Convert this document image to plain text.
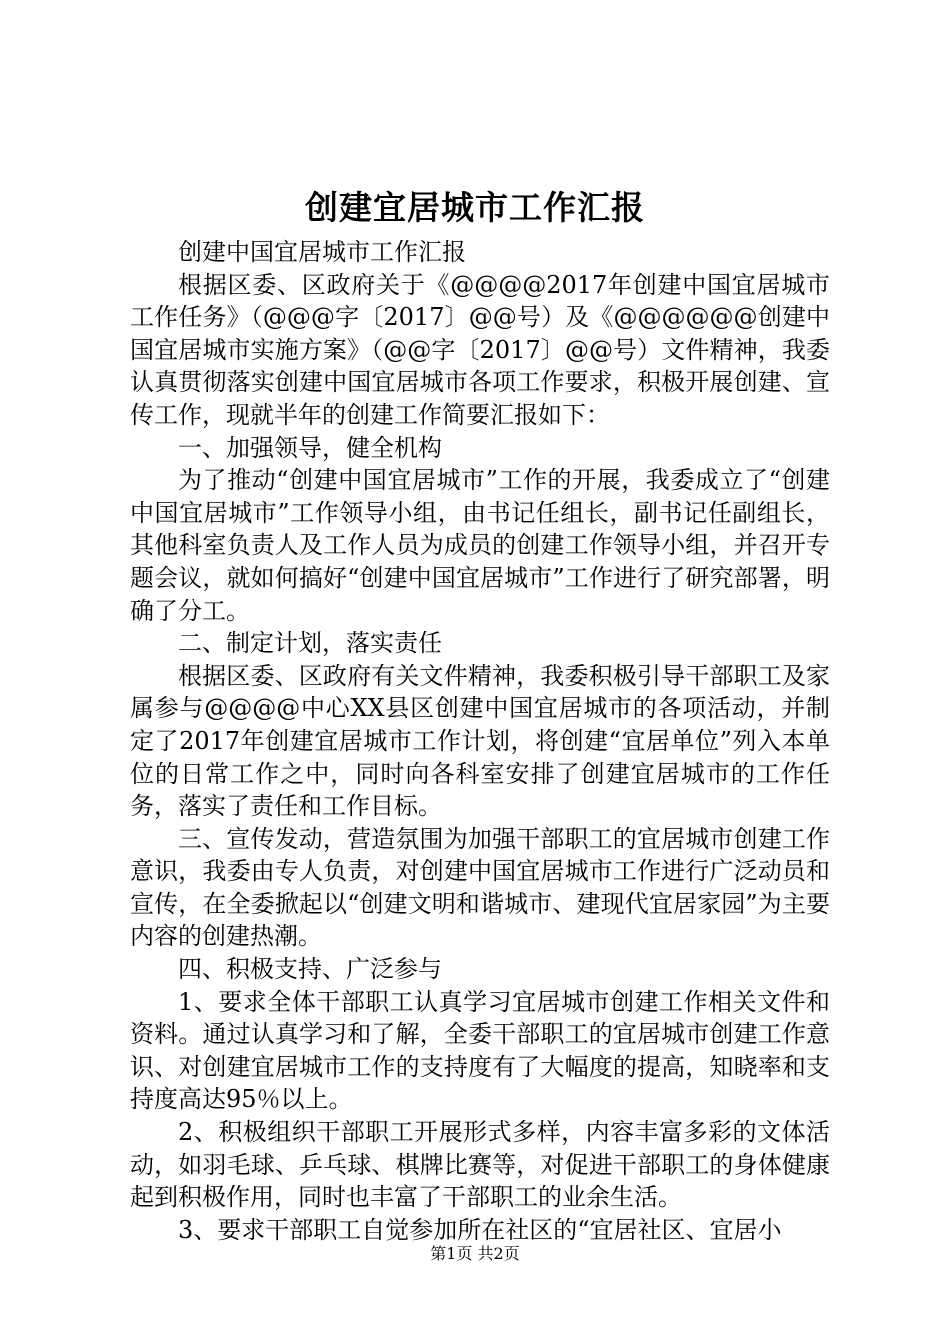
创建宜居城市工作汇报

创建中国宜居城市工作汇报

根据区委、区政府关于《@@@@2017年创建中国宜居城市工作任务》（@@@字〔2017〕@@号）及《@@@@@@创建中国宜居城市实施方案》（@@字〔2017〕@@号）文件精神，我委认真贯彻落实创建中国宜居城市各项工作要求，积极开展创建、宣传工作，现就半年的创建工作简要汇报如下：

一、加强领导，健全机构

为了推动“创建中国宜居城市”工作的开展，我委成立了“创建中国宜居城市”工作领导小组，由书记任组长，副书记任副组长，其他科室负责人及工作人员为成员的创建工作领导小组，并召开专题会议，就如何搞好“创建中国宜居城市”工作进行了研究部署，明确了分工。

二、制定计划，落实责任

根据区委、区政府有关文件精神，我委积极引导干部职工及家属参与@@@@中心XX县区创建中国宜居城市的各项活动，并制定了2017年创建宜居城市工作计划，将创建“宜居单位”列入本单位的日常工作之中，同时向各科室安排了创建宜居城市的工作任务，落实了责任和工作目标。

三、宣传发动，营造氛围为加强干部职工的宜居城市创建工作意识，我委由专人负责，对创建中国宜居城市工作进行广泛动员和宣传，在全委掀起以“创建文明和谐城市、建现代宜居家园”为主要内容的创建热潮。

四、积极支持、广泛参与

1、要求全体干部职工认真学习宜居城市创建工作相关文件和资料。通过认真学习和了解，全委干部职工的宜居城市创建工作意识、对创建宜居城市工作的支持度有了大幅度的提高，知晓率和支持度高达95％以上。

2、积极组织干部职工开展形式多样，内容丰富多彩的文体活动，如羽毛球、乒乓球、棋牌比赛等，对促进干部职工的身体健康起到积极作用，同时也丰富了干部职工的业余生活。

3、要求干部职工自觉参加所在社区的“宜居社区、宜居小

第1页 共2页
